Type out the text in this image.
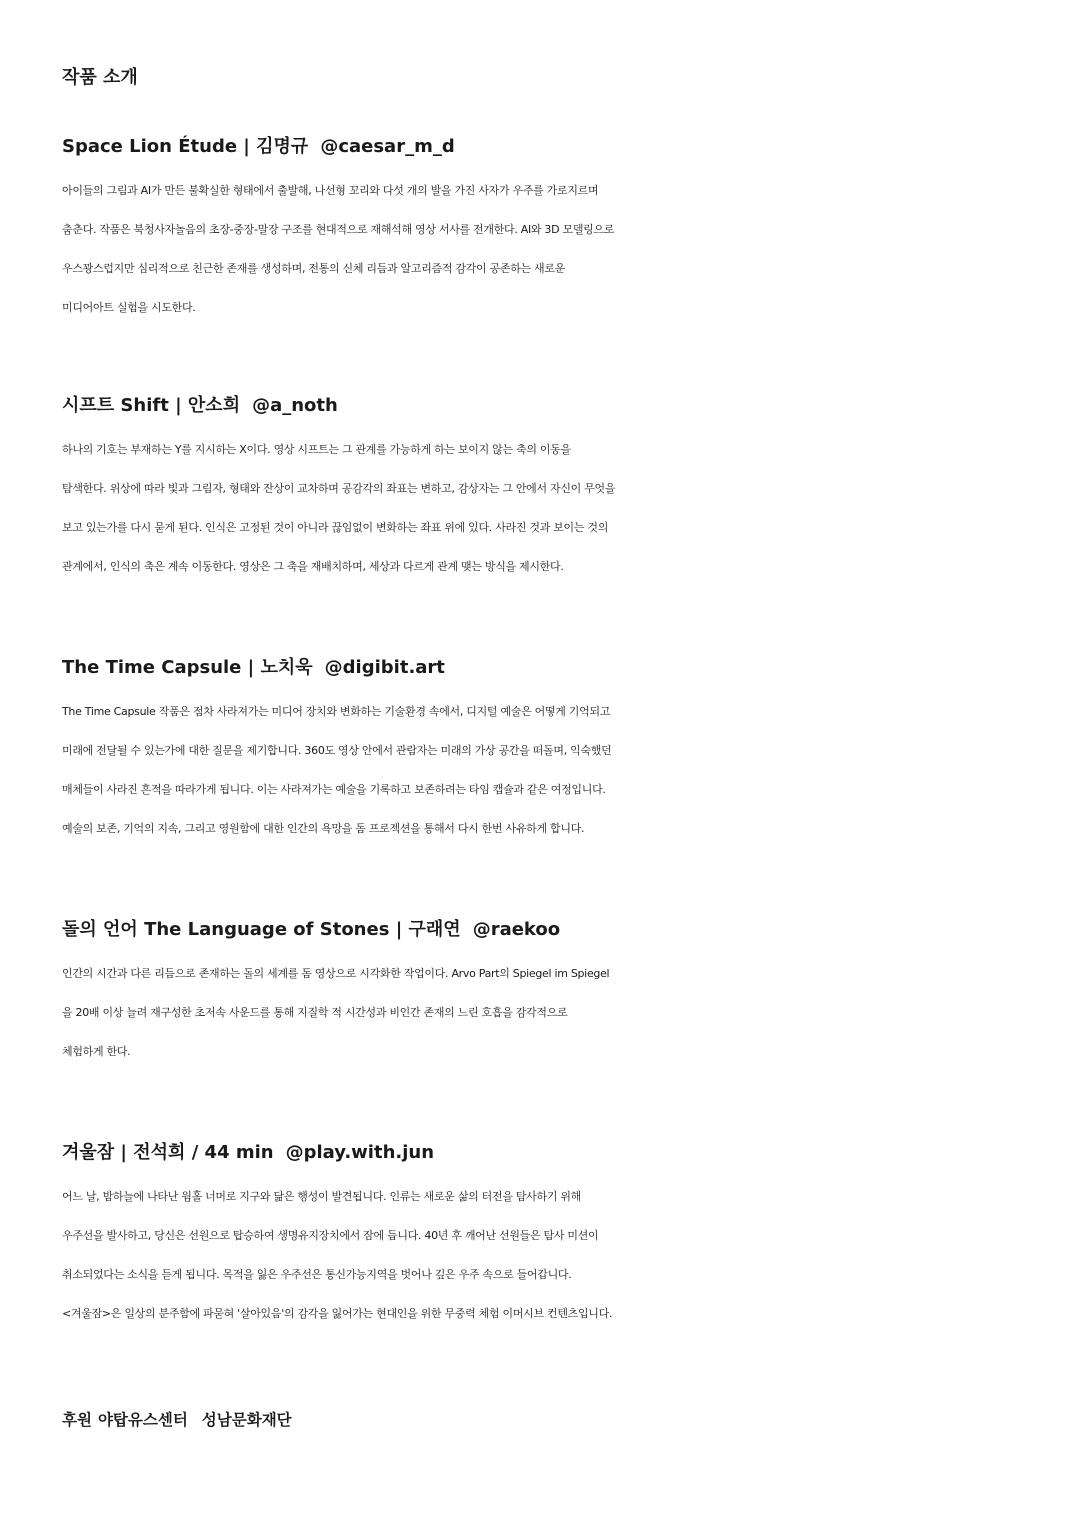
작품 소개
Space Lion Étude | 김명규 @caesar_m_d
아이들의 그림과 AI가 만든 불확실한 형태에서 출발해, 나선형 꼬리와 다섯 개의 발을 가진 사자가 우주를 가로지르며
춤춘다. 작품은 북청사자놀음의 초장-중장-말장 구조를 현대적으로 재해석해 영상 서사를 전개한다. AI와 3D 모델링으로
우스꽝스럽지만 심리적으로 친근한 존재를 생성하며, 전통의 신체 리듬과 알고리즘적 감각이 공존하는 새로운
미디어아트 실험을 시도한다.
시프트 Shift | 안소희 @a_noth
하나의 기호는 부재하는 Y를 지시하는 X이다. 영상 시프트는 그 관계를 가능하게 하는 보이지 않는 축의 이동을
탐색한다. 위상에 따라 빛과 그림자, 형태와 잔상이 교차하며 공감각의 좌표는 변하고, 감상자는 그 안에서 자신이 무엇을
보고 있는가를 다시 묻게 된다. 인식은 고정된 것이 아니라 끊임없이 변화하는 좌표 위에 있다. 사라진 것과 보이는 것의
관계에서, 인식의 축은 계속 이동한다. 영상은 그 축을 재배치하며, 세상과 다르게 관계 맺는 방식을 제시한다.
The Time Capsule | 노치욱 @digibit.art
The Time Capsule 작품은 점차 사라져가는 미디어 장치와 변화하는 기술환경 속에서, 디지털 예술은 어떻게 기억되고
미래에 전달될 수 있는가에 대한 질문을 제기합니다. 360도 영상 안에서 관람자는 미래의 가상 공간을 떠돌며, 익숙했던
매체들이 사라진 흔적을 따라가게 됩니다. 이는 사라져가는 예술을 기록하고 보존하려는 타임 캡슐과 같은 여정입니다.
예술의 보존, 기억의 지속, 그리고 영원함에 대한 인간의 욕망을 돔 프로젝션을 통해서 다시 한번 사유하게 합니다.
돌의 언어 The Language of Stones | 구래연 @raekoo
인간의 시간과 다른 리듬으로 존재하는 돌의 세계를 돔 영상으로 시각화한 작업이다. Arvo Part의 Spiegel im Spiegel
을 20배 이상 늘려 재구성한 초저속 사운드를 통해 지질학 적 시간성과 비인간 존재의 느린 호흡을 감각적으로
체험하게 한다.
겨울잠 | 전석희 / 44 min @play.with.jun
어느 날, 밤하늘에 나타난 웜홀 너머로 지구와 닮은 행성이 발견됩니다. 인류는 새로운 삶의 터전을 탐사하기 위해
우주선을 발사하고, 당신은 선원으로 탑승하여 생명유지장치에서 잠에 듭니다. 40년 후 깨어난 선원들은 탐사 미션이
취소되었다는 소식을 듣게 됩니다. 목적을 잃은 우주선은 통신가능지역을 벗어나 깊은 우주 속으로 들어갑니다.
<겨울잠>은 일상의 분주함에 파묻혀 '살아있음'의 감각을 잃어가는 현대인을 위한 무중력 체험 이머시브 컨텐츠입니다.
후원 야탑유스센터 성남문화재단
